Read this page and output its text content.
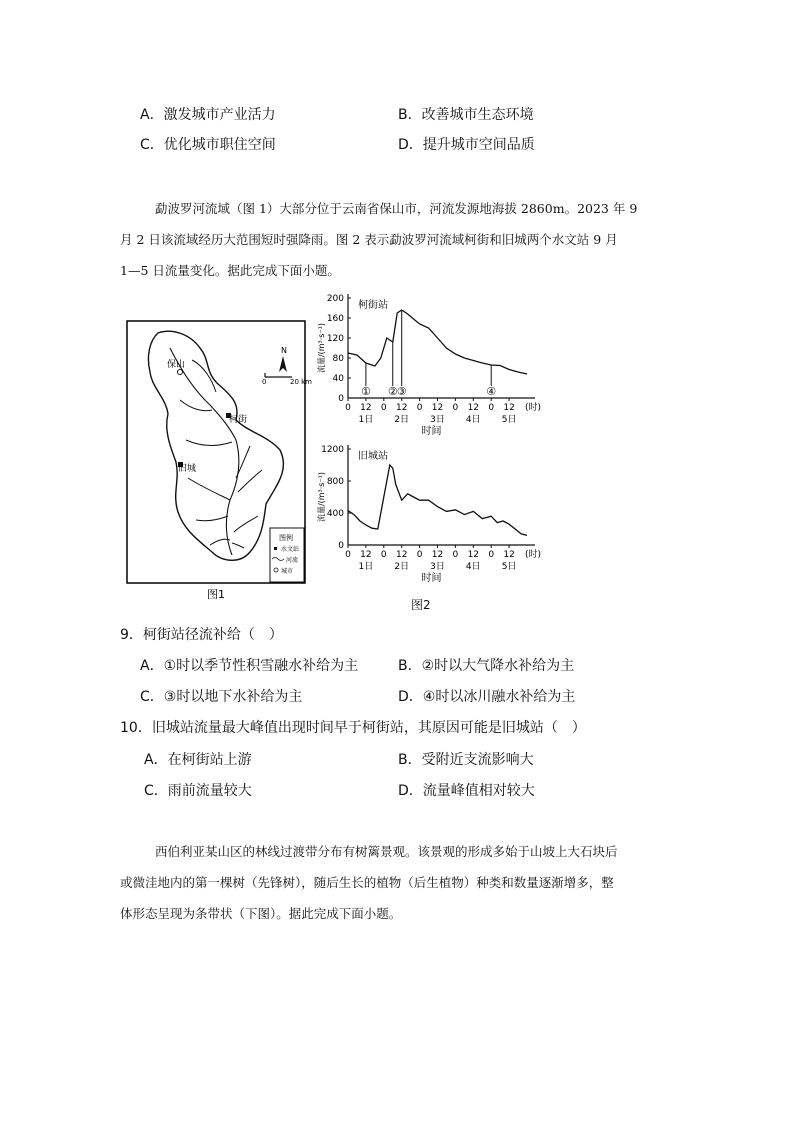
A．激发城市产业活力	B．改善城市生态环境
C．优化城市职住空间	D．提升城市空间品质
勐波罗河流域（图 1）大部分位于云南省保山市，河流发源地海拔 2860m。2023 年 9
月 2 日该流域经历大范围短时强降雨。图 2 表示勐波罗河流域柯街和旧城两个水文站 9 月
1—5 日流量变化。据此完成下面小题。
N
0	20 km
保山
柯街
旧城
图例
水文站
河流
城市
图1
200
160
120
80
40
0
0 12 0 12 0 12 0 12 0 12 (时)
1日 2日 3日 4日 5日
时间
流量/(m³·s⁻¹)
柯街站
① ② ③	④
1200
800
400
0
0 12 0 12 0 12 0 12 0 12 (时)
1日 2日 3日 4日 5日
时间
流量/(m³·s⁻¹)
旧城站
图2
9．柯街站径流补给（　）
A．①时以季节性积雪融水补给为主	B．②时以大气降水补给为主
C．③时以地下水补给为主	D．④时以冰川融水补给为主
10．旧城站流量最大峰值出现时间早于柯街站，其原因可能是旧城站（　）
A．在柯街站上游	B．受附近支流影响大
C．雨前流量较大	D．流量峰值相对较大
西伯利亚某山区的林线过渡带分布有树篱景观。该景观的形成多始于山坡上大石块后
或微洼地内的第一棵树（先锋树），随后生长的植物（后生植物）种类和数量逐渐增多，整
体形态呈现为条带状（下图）。据此完成下面小题。
